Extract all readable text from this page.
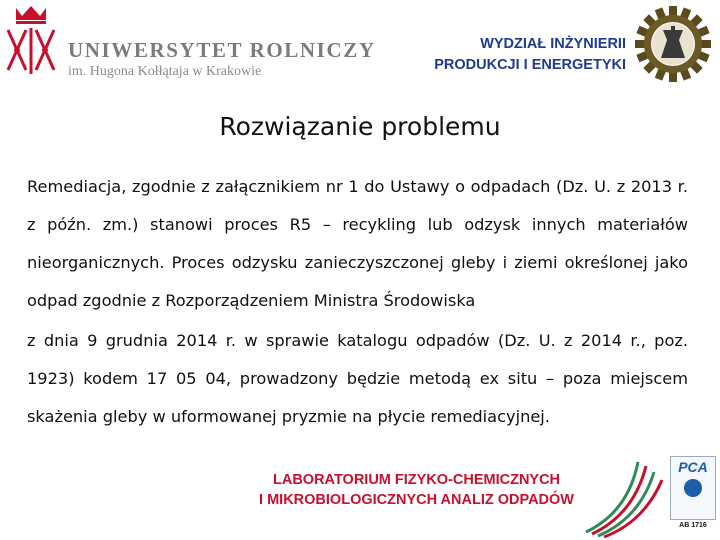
UNIWERSYTET ROLNICZY
im. Hugona Kołłątaja w Krakowie
WYDZIAŁ INŻYNIERII
PRODUKCJI I ENERGETYKI
Rozwiązanie problemu

Remediacja, zgodnie z załącznikiem nr 1 do Ustawy o odpadach (Dz. U. z 2013 r. z późn. zm.) stanowi proces R5 – recykling lub odzysk innych materiałów nieorganicznych. Proces odzysku zanieczyszczonej gleby i ziemi określonej jako odpad zgodnie z Rozporządzeniem Ministra Środowiska

z dnia 9 grudnia 2014 r. w sprawie katalogu odpadów (Dz. U. z 2014 r., poz. 1923) kodem 17 05 04, prowadzony będzie metodą ex situ – poza miejscem skażenia gleby w uformowanej pryzmie na płycie remediacyjnej.

LABORATORIUM FIZYKO-CHEMICZNYCH
I MIKROBIOLOGICZNYCH ANALIZ ODPADÓW
PCA
AB 1716
